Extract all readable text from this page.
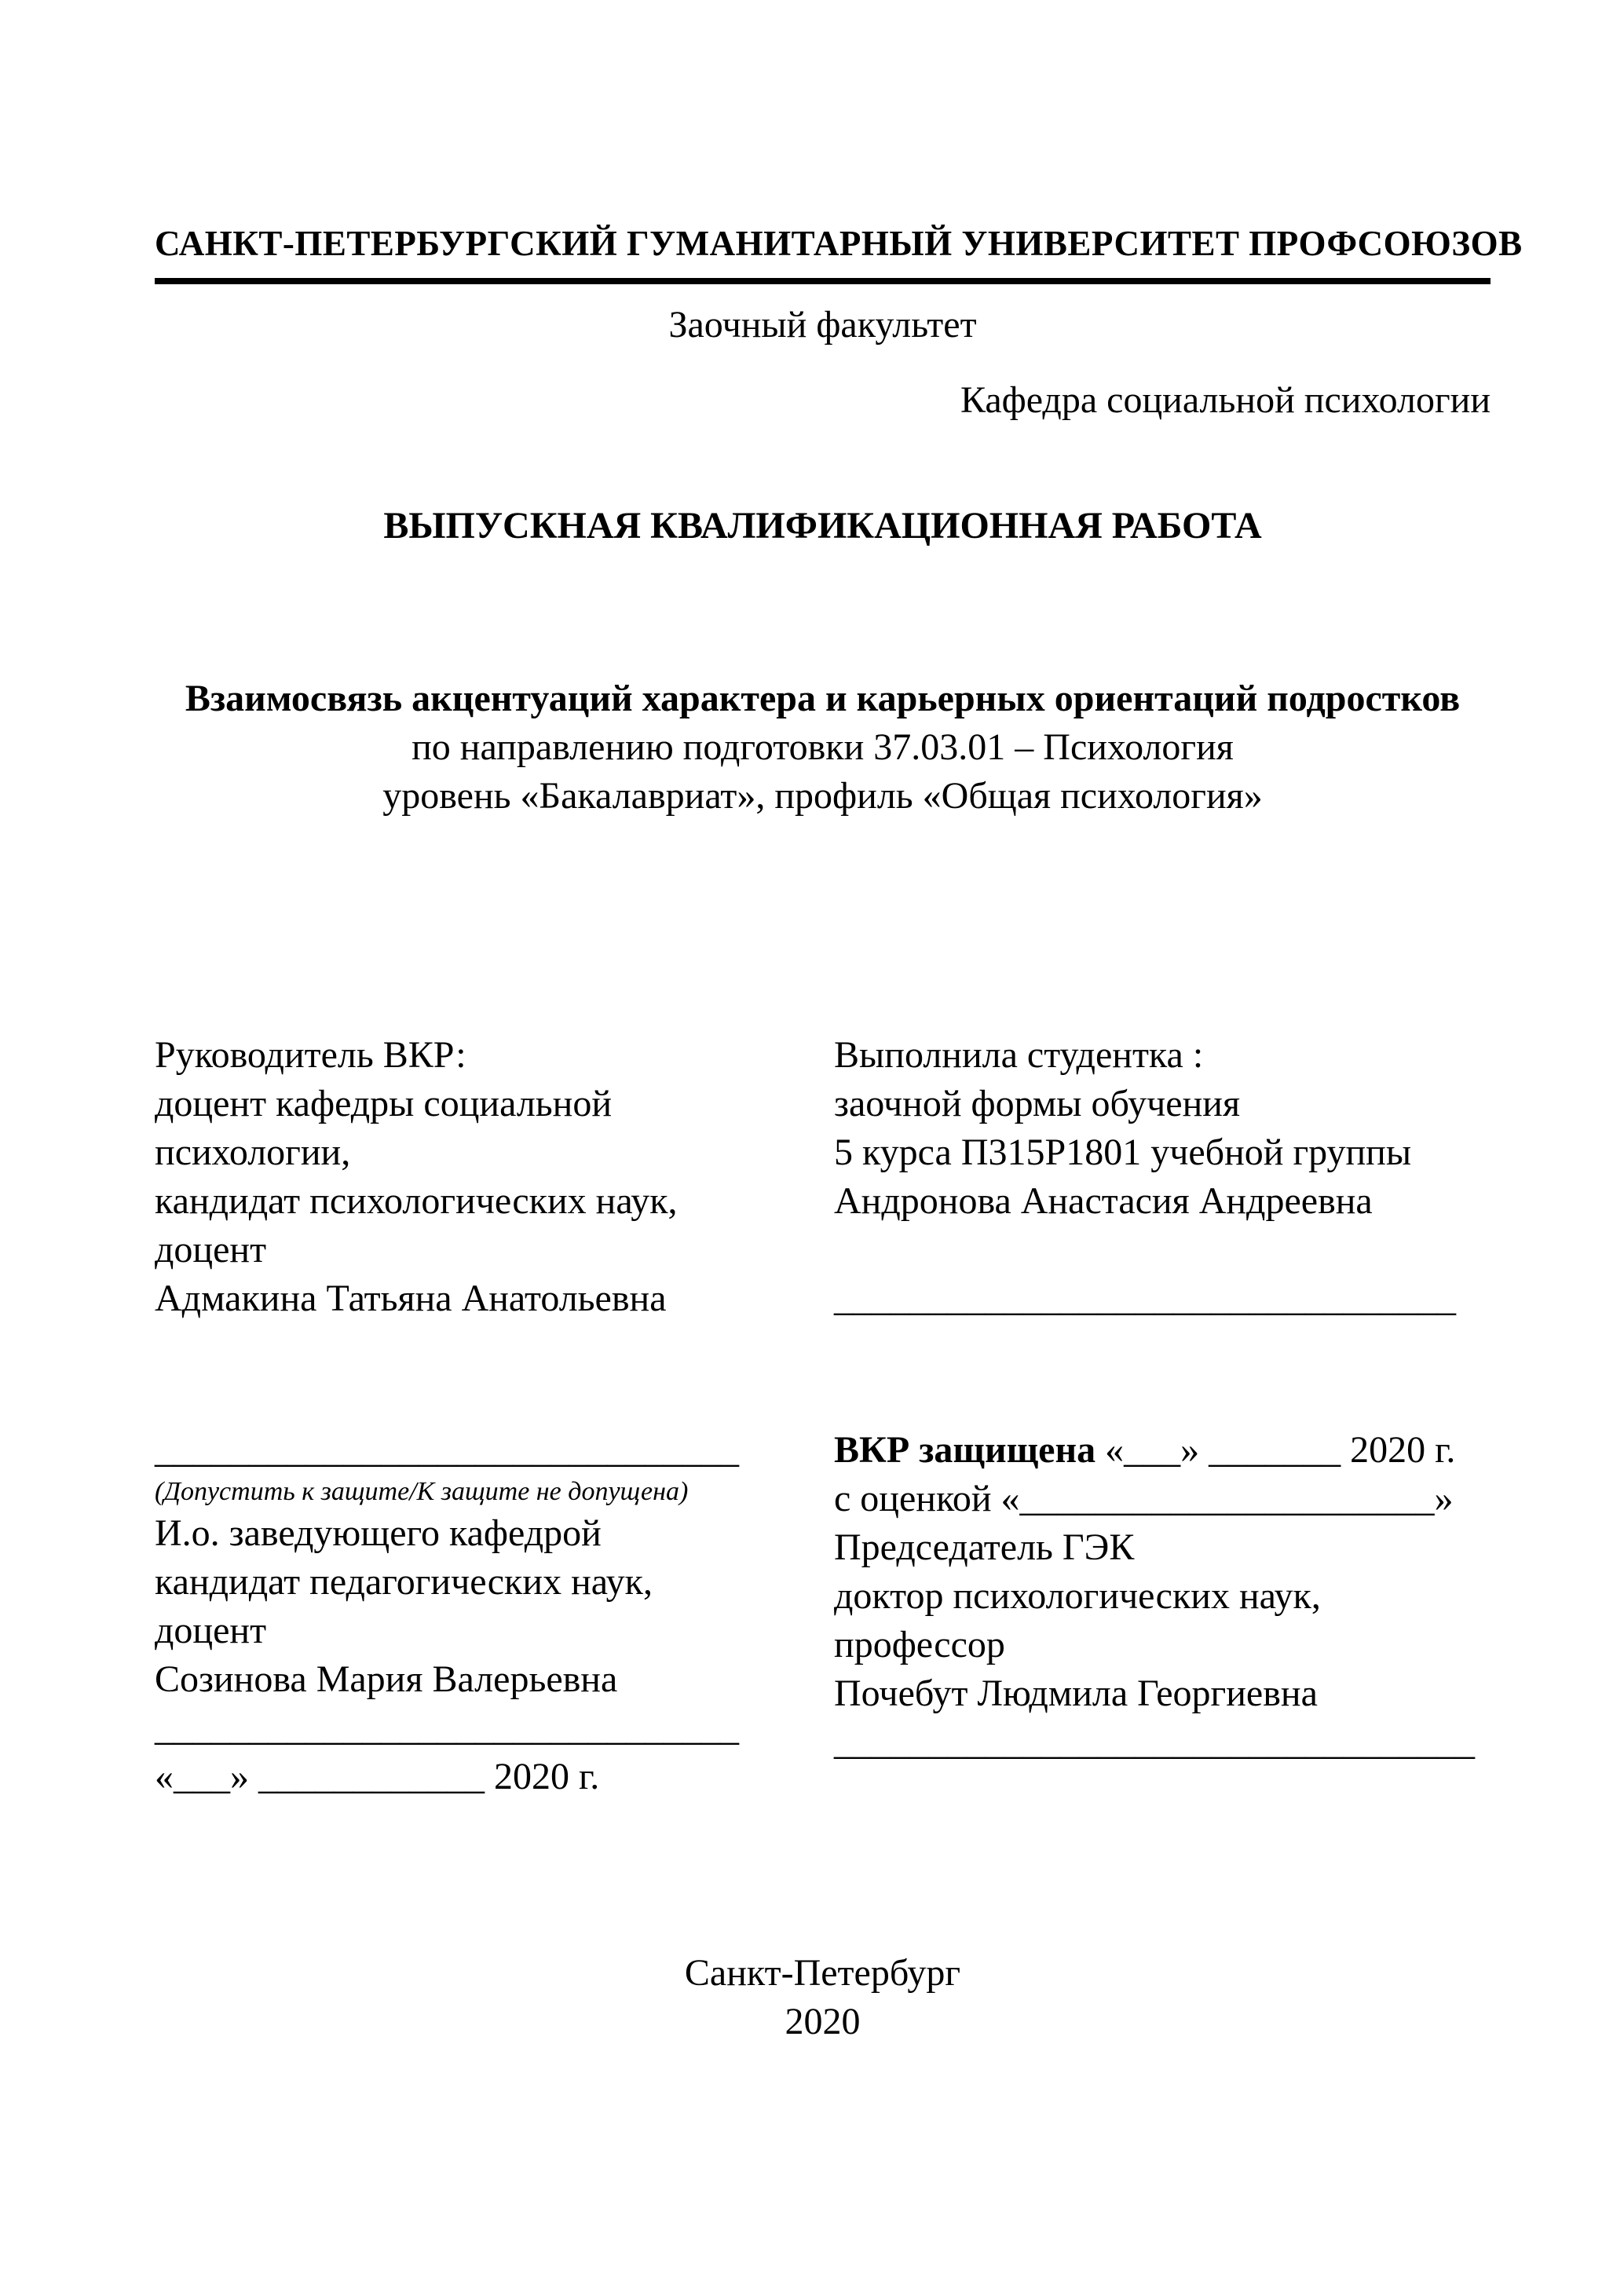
САНКТ-ПЕТЕРБУРГСКИЙ ГУМАНИТАРНЫЙ УНИВЕРСИТЕТ ПРОФСОЮЗОВ
Заочный факультет
Кафедра социальной психологии
ВЫПУСКНАЯ КВАЛИФИКАЦИОННАЯ РАБОТА
Взаимосвязь акцентуаций характера и карьерных ориентаций подростков
по направлению подготовки 37.03.01 – Психология
уровень «Бакалавриат», профиль «Общая психология»
Руководитель ВКР:
доцент кафедры социальной
психологии,
кандидат психологических наук,
доцент
Адмакина Татьяна Анатольевна
Выполнила студентка :
заочной формы обучения
5 курса П315Р1801 учебной группы
Андронова Анастасия Андреевна
_________________________________
_______________________________
(Допустить к защите/К защите не допущена)
И.о. заведующего кафедрой
кандидат педагогических наук,
доцент
Созинова Мария Валерьевна
_______________________________
«___» ____________ 2020 г.
ВКР защищена «___» _______ 2020 г.
с оценкой «______________________»
Председатель ГЭК
доктор психологических наук,
профессор
Почебут Людмила Георгиевна
__________________________________
Санкт-Петербург
2020
